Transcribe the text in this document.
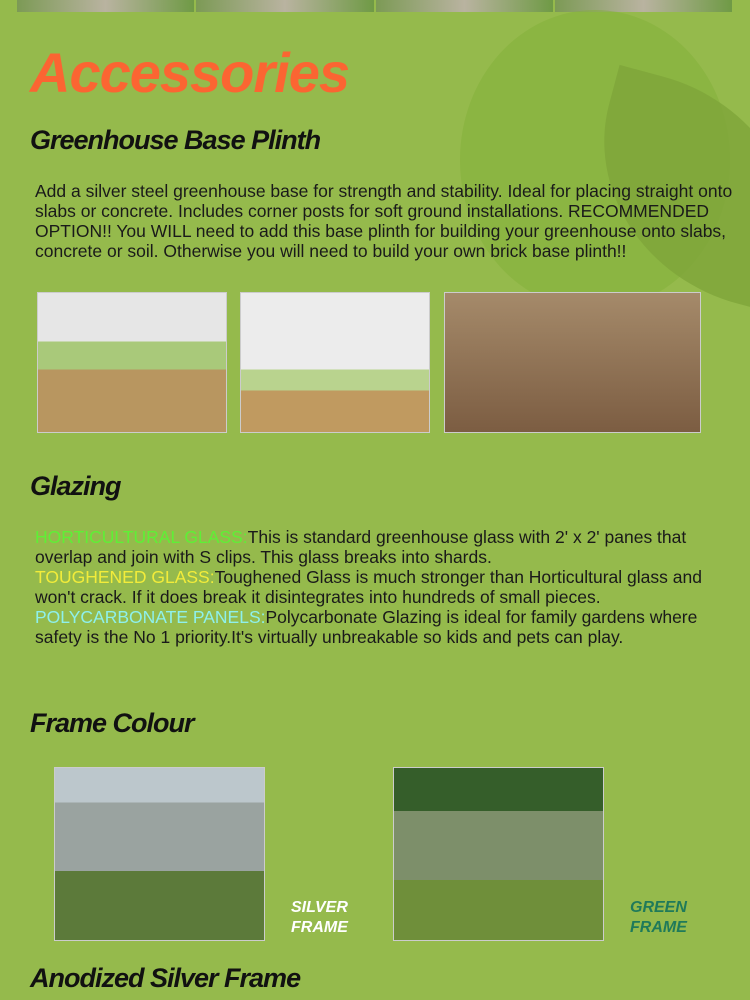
Accessories
Greenhouse Base Plinth

Add a silver steel greenhouse base for strength and stability. Ideal for placing straight onto slabs or concrete. Includes corner posts for soft ground installations. RECOMMENDED OPTION!! You WILL need to add this base plinth for building your greenhouse onto slabs, concrete or soil. Otherwise you will need to build your own brick base plinth!!

Glazing

HORTICULTURAL GLASS:This is standard greenhouse glass with 2' x 2' panes that overlap and join with S clips. This glass breaks into shards.
TOUGHENED GLASS:Toughened Glass is much stronger than Horticultural glass and won't crack. If it does break it disintegrates into hundreds of small pieces.
POLYCARBONATE PANELS:Polycarbonate Glazing is ideal for family gardens where safety is the No 1 priority.It's virtually unbreakable so kids and pets can play.

Frame Colour
SILVER
FRAME
GREEN
FRAME
Anodized Silver Frame
